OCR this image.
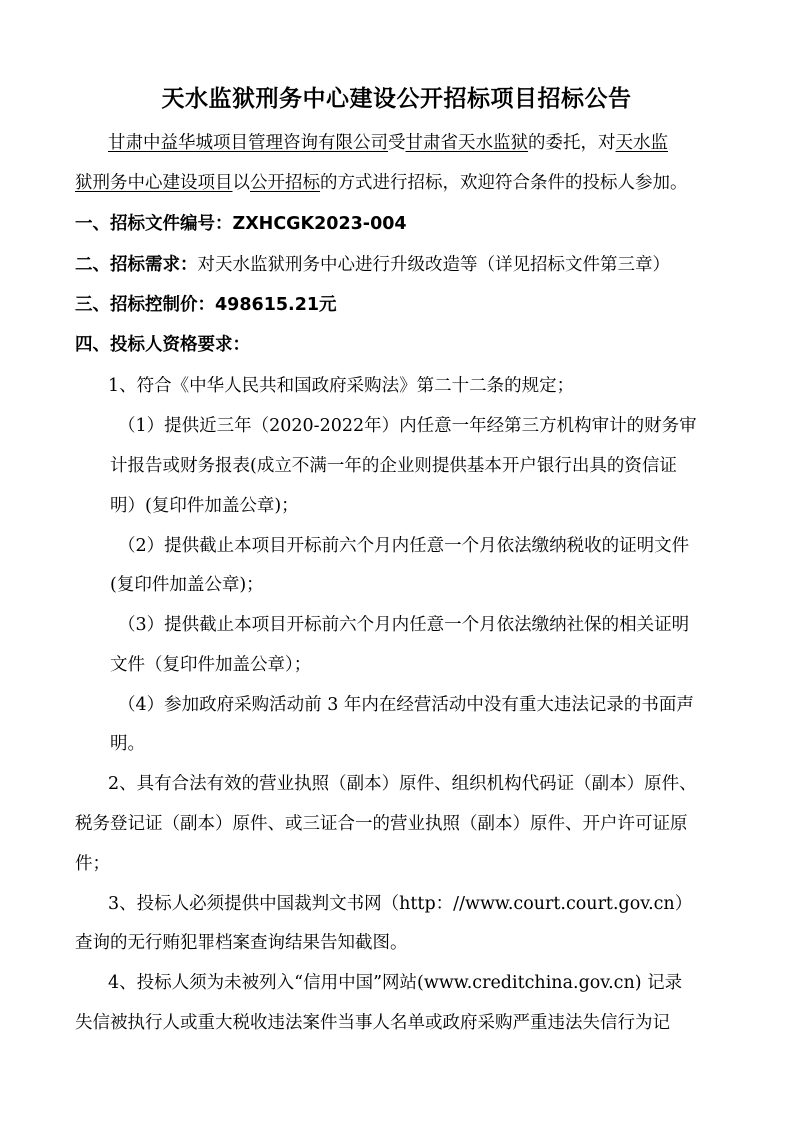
天水监狱刑务中心建设公开招标项目招标公告
甘肃中益华城项目管理咨询有限公司受甘肃省天水监狱的委托，对天水监
狱刑务中心建设项目以公开招标的方式进行招标，欢迎符合条件的投标人参加。
一、招标文件编号：ZXHCGK2023-004
二、招标需求：对天水监狱刑务中心进行升级改造等（详见招标文件第三章）
三、招标控制价：498615.21元
四、投标人资格要求：
1、符合《中华人民共和国政府采购法》第二十二条的规定；
（1）提供近三年（2020-2022年）内任意一年经第三方机构审计的财务审
计报告或财务报表(成立不满一年的企业则提供基本开户银行出具的资信证
明）(复印件加盖公章)；
（2）提供截止本项目开标前六个月内任意一个月依法缴纳税收的证明文件
(复印件加盖公章)；
（3）提供截止本项目开标前六个月内任意一个月依法缴纳社保的相关证明
文件（复印件加盖公章）；
（4）参加政府采购活动前 3 年内在经营活动中没有重大违法记录的书面声
明。
2、具有合法有效的营业执照（副本）原件、组织机构代码证（副本）原件、
税务登记证（副本）原件、或三证合一的营业执照（副本）原件、开户许可证原
件；
3、投标人必须提供中国裁判文书网（http：//www.court.court.gov.cn）
查询的无行贿犯罪档案查询结果告知截图。
4、投标人须为未被列入“信用中国”网站(www.creditchina.gov.cn) 记录
失信被执行人或重大税收违法案件当事人名单或政府采购严重违法失信行为记
